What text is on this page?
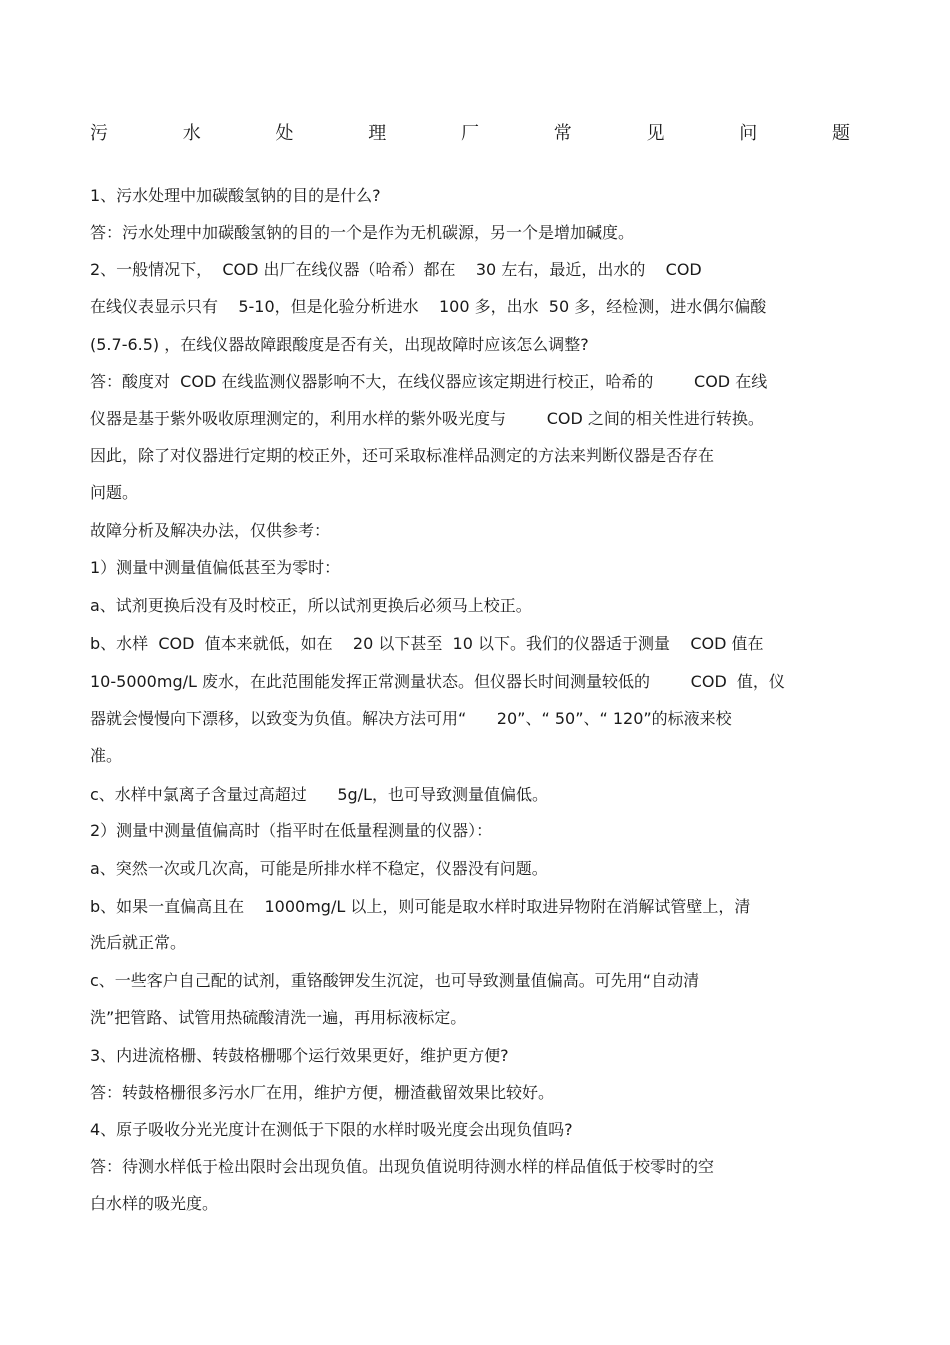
污	水	处	理	厂	常	见	问	题
1、污水处理中加碳酸氢钠的目的是什么?
答：污水处理中加碳酸氢钠的目的一个是作为无机碳源，另一个是增加碱度。
2、一般情况下，  COD 出厂在线仪器（哈希）都在    30 左右，最近，出水的    COD
在线仪表显示只有    5-10，但是化验分析进水    100 多，出水  50 多，经检测，进水偶尔偏酸
(5.7-6.5) ，在线仪器故障跟酸度是否有关，出现故障时应该怎么调整?
答：酸度对  COD 在线监测仪器影响不大，在线仪器应该定期进行校正，哈希的        COD 在线
仪器是基于紫外吸收原理测定的，利用水样的紫外吸光度与        COD 之间的相关性进行转换。
因此，除了对仪器进行定期的校正外，还可采取标准样品测定的方法来判断仪器是否存在
问题。
故障分析及解决办法，仅供参考：
1）测量中测量值偏低甚至为零时：
a、试剂更换后没有及时校正，所以试剂更换后必须马上校正。
b、水样  COD  值本来就低，如在    20 以下甚至  10 以下。我们的仪器适于测量    COD 值在
10-5000mg/L 废水，在此范围能发挥正常测量状态。但仪器长时间测量较低的        COD  值，仪
器就会慢慢向下漂移，以致变为负值。解决方法可用“      20”、“ 50”、“ 120”的标液来校
准。
c、水样中氯离子含量过高超过      5g/L，也可导致测量值偏低。
2）测量中测量值偏高时（指平时在低量程测量的仪器）：
a、突然一次或几次高，可能是所排水样不稳定，仪器没有问题。
b、如果一直偏高且在    1000mg/L 以上，则可能是取水样时取进异物附在消解试管壁上，清
洗后就正常。
c、一些客户自己配的试剂，重铬酸钾发生沉淀，也可导致测量值偏高。可先用“自动清
洗”把管路、试管用热硫酸清洗一遍，再用标液标定。
3、内进流格栅、转鼓格栅哪个运行效果更好，维护更方便?
答：转鼓格栅很多污水厂在用，维护方便，栅渣截留效果比较好。
4、原子吸收分光光度计在测低于下限的水样时吸光度会出现负值吗?
答：待测水样低于检出限时会出现负值。出现负值说明待测水样的样品值低于校零时的空
白水样的吸光度。
